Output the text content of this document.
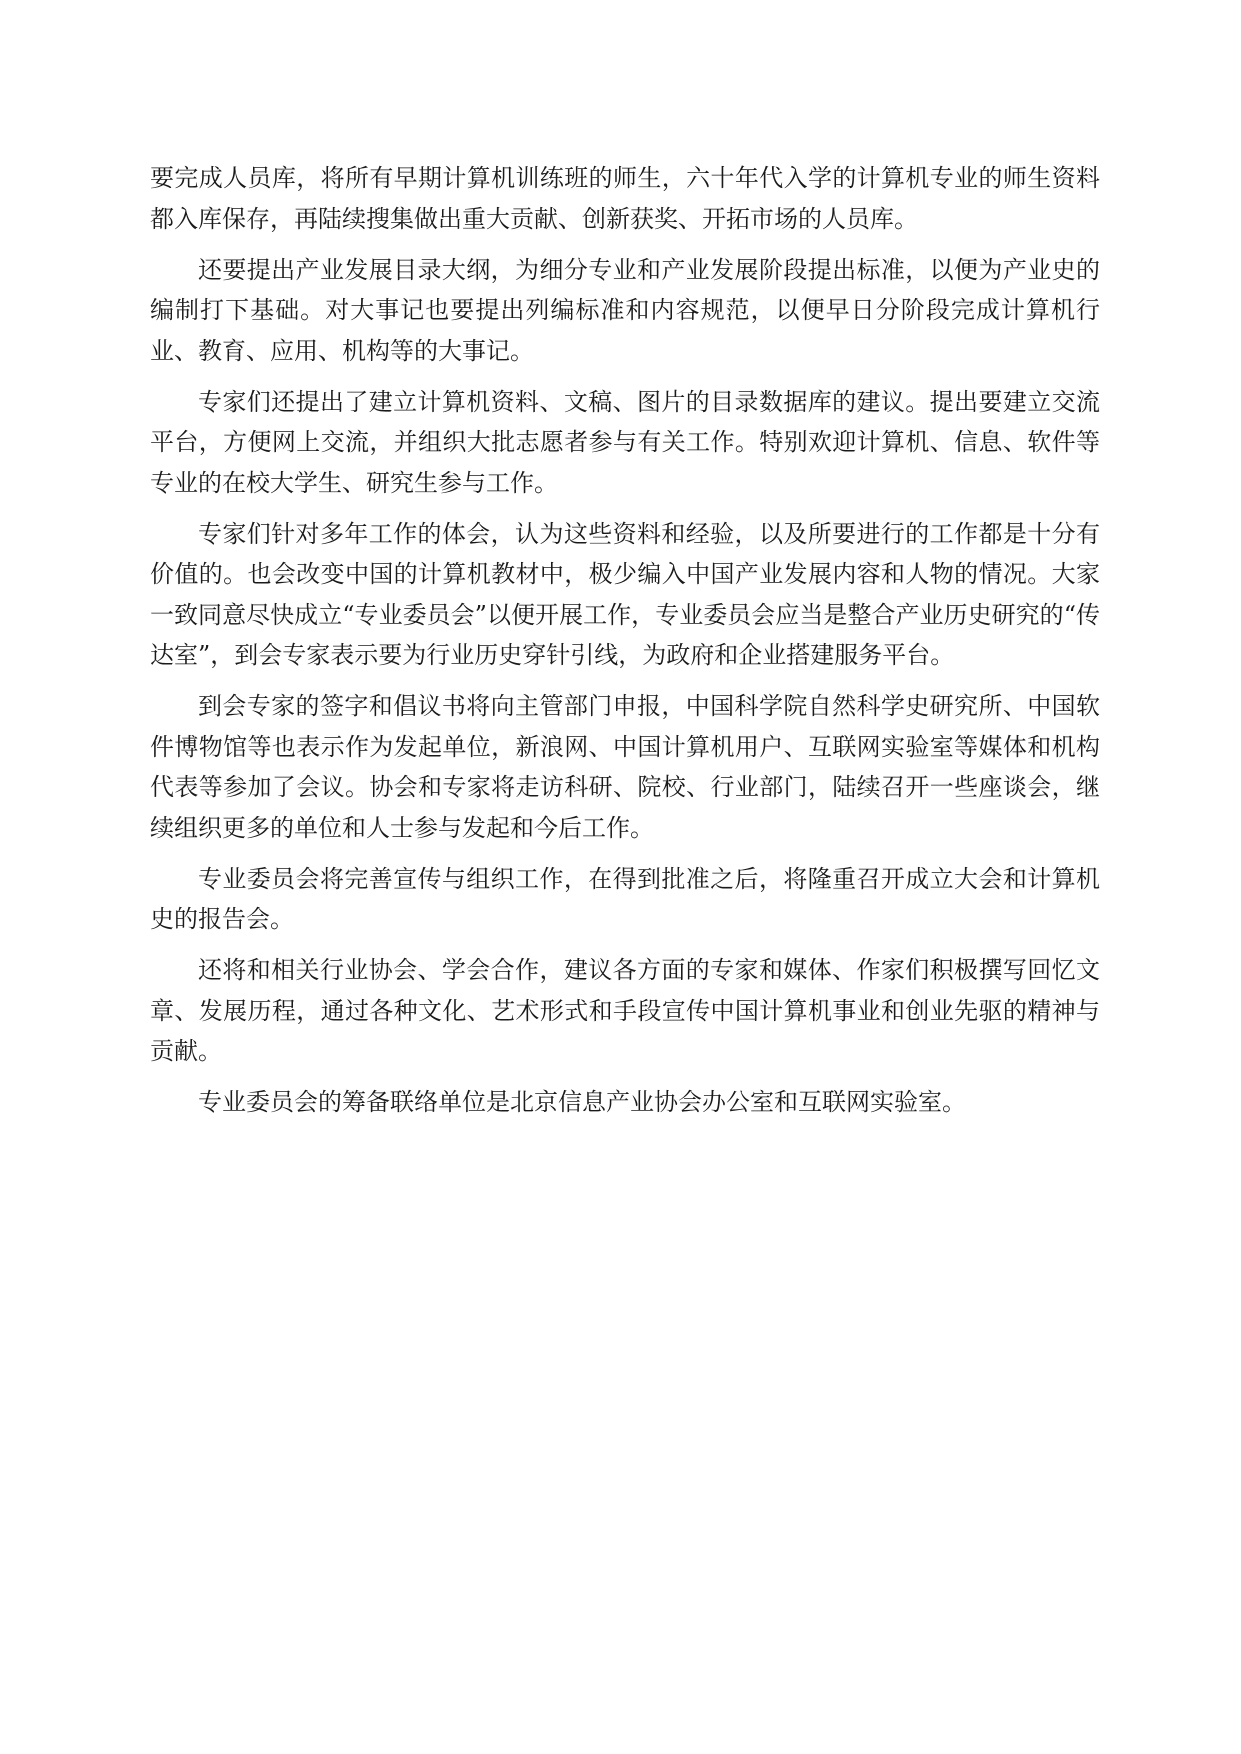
要完成人员库，将所有早期计算机训练班的师生，六十年代入学的计算机专业的师生资料都入库保存，再陆续搜集做出重大贡献、创新获奖、开拓市场的人员库。

还要提出产业发展目录大纲，为细分专业和产业发展阶段提出标准，以便为产业史的编制打下基础。对大事记也要提出列编标准和内容规范，以便早日分阶段完成计算机行业、教育、应用、机构等的大事记。

专家们还提出了建立计算机资料、文稿、图片的目录数据库的建议。提出要建立交流平台，方便网上交流，并组织大批志愿者参与有关工作。特别欢迎计算机、信息、软件等专业的在校大学生、研究生参与工作。

专家们针对多年工作的体会，认为这些资料和经验，以及所要进行的工作都是十分有价值的。也会改变中国的计算机教材中，极少编入中国产业发展内容和人物的情况。大家一致同意尽快成立“专业委员会”以便开展工作，专业委员会应当是整合产业历史研究的“传达室”，到会专家表示要为行业历史穿针引线，为政府和企业搭建服务平台。

到会专家的签字和倡议书将向主管部门申报，中国科学院自然科学史研究所、中国软件博物馆等也表示作为发起单位，新浪网、中国计算机用户、互联网实验室等媒体和机构代表等参加了会议。协会和专家将走访科研、院校、行业部门，陆续召开一些座谈会，继续组织更多的单位和人士参与发起和今后工作。

专业委员会将完善宣传与组织工作，在得到批准之后，将隆重召开成立大会和计算机史的报告会。

还将和相关行业协会、学会合作，建议各方面的专家和媒体、作家们积极撰写回忆文章、发展历程，通过各种文化、艺术形式和手段宣传中国计算机事业和创业先驱的精神与贡献。

专业委员会的筹备联络单位是北京信息产业协会办公室和互联网实验室。
